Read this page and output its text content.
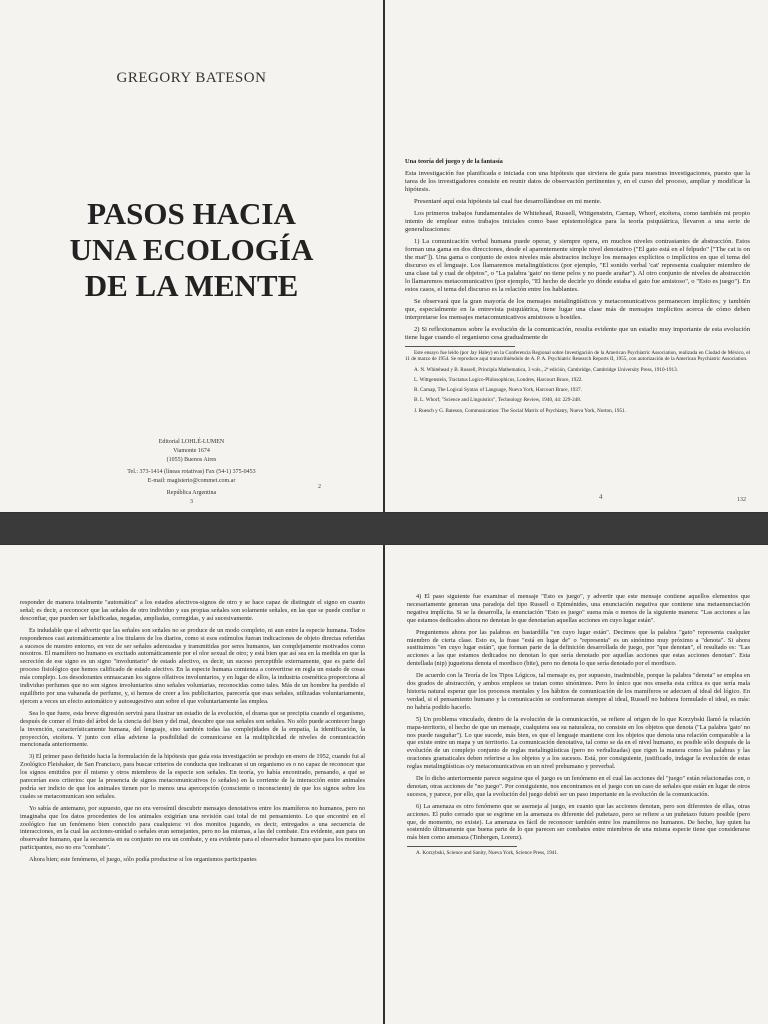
GREGORY BATESON
PASOS HACIA
UNA ECOLOGÍA
DE LA MENTE
Editorial LOHLÉ-LUMEN
Viamonte 1674
(1055) Buenos Aires
Tel.: 373-1414 (líneas rotativas) Fax (54-1) 375-0453
E-mail: magisterio@commet.com.ar
República Argentina
3
2

Una teoría del juego y de la fantasía

Esta investigación fue planificada e iniciada con una hipótesis que sirviera de guía para nuestras investigaciones, puesto que la tarea de los investigadores consiste en reunir datos de observación pertinentes y, en el curso del proceso, ampliar y modificar la hipótesis.

Presentaré aquí esta hipótesis tal cual fue desarrollándose en mi mente.

Los primeros trabajos fundamentales de Whitehead, Russell, Wittgenstein, Carnap, Whorf, etcétera, como también mi propio intento de emplear estos trabajos iniciales como base epistemológica para la teoría psiquiátrica, llevaron a una serie de generalizaciones:

1) La comunicación verbal humana puede operar, y siempre opera, en muchos niveles contrastantes de abstracción. Estos forman una gama en dos direcciones, desde el aparentemente simple nivel denotativo ("El gato está en el felpudo" ["The cat is on the mat"]). Una gama o conjunto de estos niveles más abstractos incluye los mensajes explícitos o implícitos en que el tema del discurso es el lenguaje. Los llamaremos metalingüísticos (por ejemplo, "El sonido verbal 'cat' representa cualquier miembro de una clase tal y cual de objetos", o "La palabra 'gato' no tiene pelos y no puede arañar"). Al otro conjunto de niveles de abstracción lo llamaremos metacomunicativo (por ejemplo, "El hecho de decirle yo dónde estaba el gato fue amistoso", o "Esto es juego"). En estos casos, el tema del discurso es la relación entre los hablantes.

Se observará que la gran mayoría de los mensajes metalingüísticos y metacomunicativos permanecen implícitos; y también que, especialmente en la entrevista psiquiátrica, tiene lugar una clase más de mensajes implícitos acerca de cómo deben interpretarse los mensajes metacomunicativos amistosos u hostiles.

2) Si reflexionamos sobre la evolución de la comunicación, resulta evidente que un estadio muy importante de esta evolución tiene lugar cuando el organismo cesa gradualmente de

Este ensayo fue leído (por Jay Haley) en la Conferencia Regional sobre Investigación de la American Psychiatric Association, realizada en Ciudad de México, el 11 de marzo de 1954. Se reproduce aquí transcribiéndolo de A. P. A. Psychiatric Research Reports II, 1955, con autorización de la American Psychiatric Association.

A. N. Whitehead y B. Russell, Principia Mathematica, 3 vols., 2ª edición, Cambridge, Cambridge University Press, 1910-1913.

L. Wittgenstein, Tractatus Logico-Philosophicus, Londres, Harcourt Brace, 1922.

R. Carnap, The Logical Syntax of Language, Nueva York, Harcourt Brace, 1937.

B. L. Whorf, "Science and Linguistics", Technology Review, 1940, 44: 229-248.

J. Ruesch y G. Bateson, Communication: The Social Matrix of Psychiatry, Nueva York, Norton, 1951.

4	132

responder de manera totalmente "automática" a los estados afectivos-signos de otro y se hace capaz de distinguir el signo en cuanto señal; es decir, a reconocer que las señales de otro individuo y sus propias señales son solamente señales, en las que se puede confiar o desconfiar, que pueden ser falsificadas, negadas, ampliadas, corregidas, y así sucesivamente.

Es indudable que el advertir que las señales son señales no se produce de un modo completo, ni aun entre la especie humana. Todos respondemos casi automáticamente a los titulares de los diarios, como si esos estímulos fueran indicaciones de objeto directas referidas a sucesos de nuestro entorno, en vez de ser señales aderezadas y transmitidas por seres humanos, tan complejamente motivados como nosotros. El mamífero no humano es excitado automáticamente por el olor sexual de otro; y está bien que así sea en la medida en que la secreción de ese signo es un signo "involuntario" de estado afectivo, es decir, un suceso perceptible externamente, que es parte del proceso fisiológico que hemos calificado de estado afectivo. En la especie humana comienza a convertirse en regla un estado de cosas más complejo. Los desodorantes enmascaran los signos olfativos involuntarios, y en lugar de ellos, la industria cosmética proporciona al individuo perfumes que no son signos involuntarios sino señales voluntarias, reconocidas como tales. Más de un hombre ha perdido el equilibrio por una vaharada de perfume, y, si hemos de creer a los publicitarios, parecería que esas señales, utilizadas voluntariamente, ejercen a veces un efecto automático y autosugestivo aun sobre el que voluntariamente las emplea.

Sea lo que fuere, esta breve digresión servirá para ilustrar un estadio de la evolución, el drama que se precipita cuando el organismo, después de comer el fruto del árbol de la ciencia del bien y del mal, descubre que sus señales son señales. No sólo puede acontecer luego la invención, característicamente humana, del lenguaje, sino también todas las complejidades de la empatía, la identificación, la proyección, etcétera. Y junto con ellas adviene la posibilidad de comunicarse en la multiplicidad de niveles de comunicación mencionada anteriormente.

3) El primer paso definido hacia la formulación de la hipótesis que guía esta investigación se produjo en enero de 1952, cuando fui al Zoológico Fleishaker, de San Francisco, para buscar criterios de conducta que indicaran si un organismo es o no capaz de reconocer que los signos emitidos por él mismo y otros miembros de la especie son señales. En teoría, yo había encontrado, pensando, a qué se parecerían esos criterios: que la presencia de signos metacomunicativos (o señales) en la corriente de la interacción entre animales podría ser indicio de que los animales tienen por lo menos una apercepción (consciente o inconsciente) de que los signos sobre los cuales se metacomunican son señales.

Yo sabía de antemano, por supuesto, que no era verosímil descubrir mensajes denotativos entre los mamíferos no humanos, pero no imaginaba que los datos procedentes de los animales exigirían una revisión casi total de mi pensamiento. Lo que encontré en el zoológico fue un fenómeno bien conocido para cualquiera: vi dos monitos jugando, es decir, entregados a una secuencia de interacciones, en la cual las acciones-unidad o señales eran semejantes, pero no las mismas, a las del combate. Era evidente, aun para un observador humano, que la secuencia en su conjunto no era un combate, y era evidente para el observador humano que para los monitos participantes, eso no era "combate".

Ahora bien; este fenómeno, el juego, sólo podía producirse si los organismos participantes

4) El paso siguiente fue examinar el mensaje "Esto es juego", y advertir que este mensaje contiene aquellos elementos que necesariamente generan una paradoja del tipo Russell o Epiménides, una enunciación negativa que contiene una metaenunciación negativa implícita. Si se la desarrolla, la enunciación "Esto es juego" suena más o menos de la siguiente manera: "Las acciones a las que estamos dedicados ahora no denotan lo que denotarían aquellas acciones en cuyo lugar están".

Preguntemos ahora por las palabras en bastardilla "en cuyo lugar están". Decimos que la palabra "gato" representa cualquier miembro de cierta clase. Esto es, la frase "está en lugar de" o "representa" es un sinónimo muy próximo a "denota". Si ahora sustituimos "en cuyo lugar están", que forman parte de la definición desarrollada de juego, por "que denotan", el resultado es: "Las acciones a las que estamos dedicados no denotan lo que sería denotado por aquellas acciones que estas acciones denotan". Esta dentellada (nip) juguetona denota el mordisco (bite), pero no denota lo que sería denotado por el mordisco.

De acuerdo con la Teoría de los Tipos Lógicos, tal mensaje es, por supuesto, inadmisible, porque la palabra "denota" se emplea en dos grados de abstracción, y ambos empleos se tratan como sinónimos. Pero lo único que nos enseña esta crítica es que sería mala historia natural esperar que los procesos mentales y los hábitos de comunicación de los mamíferos se adecuen al ideal del lógico. En verdad, si el pensamiento humano y la comunicación se conformaran siempre al ideal, Russell no hubiera formulado el ideal, es más: no habría podido hacerlo.

5) Un problema vinculado, dentro de la evolución de la comunicación, se refiere al origen de lo que Korzybski llamó la relación mapa-territorio, el hecho de que un mensaje, cualquiera sea su naturaleza, no consiste en los objetos que denota ("La palabra 'gato' no nos puede rasguñar"). Lo que sucede, más bien, es que el lenguaje mantiene con los objetos que denota una relación comparable a la que existe entre un mapa y un territorio. La comunicación denotativa, tal como se da en el nivel humano, es posible sólo después de la evolución de un complejo conjunto de reglas metalingüísticas (pero no verbalizadas) que rigen la manera como las palabras y las oraciones gramaticales deben referirse a los objetos y a los sucesos. Está, por consiguiente, justificado, indagar la evolución de estas reglas metalingüísticas o/y metacomunicativas en un nivel prehumano y preverbal.

De lo dicho anteriormente parece seguirse que el juego es un fenómeno en el cual las acciones del "juego" están relacionadas con, o denotan, otras acciones de "no juego". Por consiguiente, nos encontramos en el juego con un caso de señales que están en lugar de otros sucesos, y parece, por ello, que la evolución del juego debió ser un paso importante en la evolución de la comunicación.

6) La amenaza es otro fenómeno que se asemeja al juego, en cuanto que las acciones denotan, pero son diferentes de ellas, otras acciones. El puño cerrado que se esgrime en la amenaza es diferente del puñetazo, pero se refiere a un puñetazo futuro posible (pero que, de momento, no existe). La amenaza es fácil de reconocer también entre los mamíferos no humanos. De hecho, hay quien ha sostenido últimamente que buena parte de lo que parecen ser combates entre miembros de una misma especie tiene que considerarse más bien como amenaza (Tinbergen, Lorenz).

A. Korzybski, Science and Sanity, Nueva York, Science Press, 1941.
